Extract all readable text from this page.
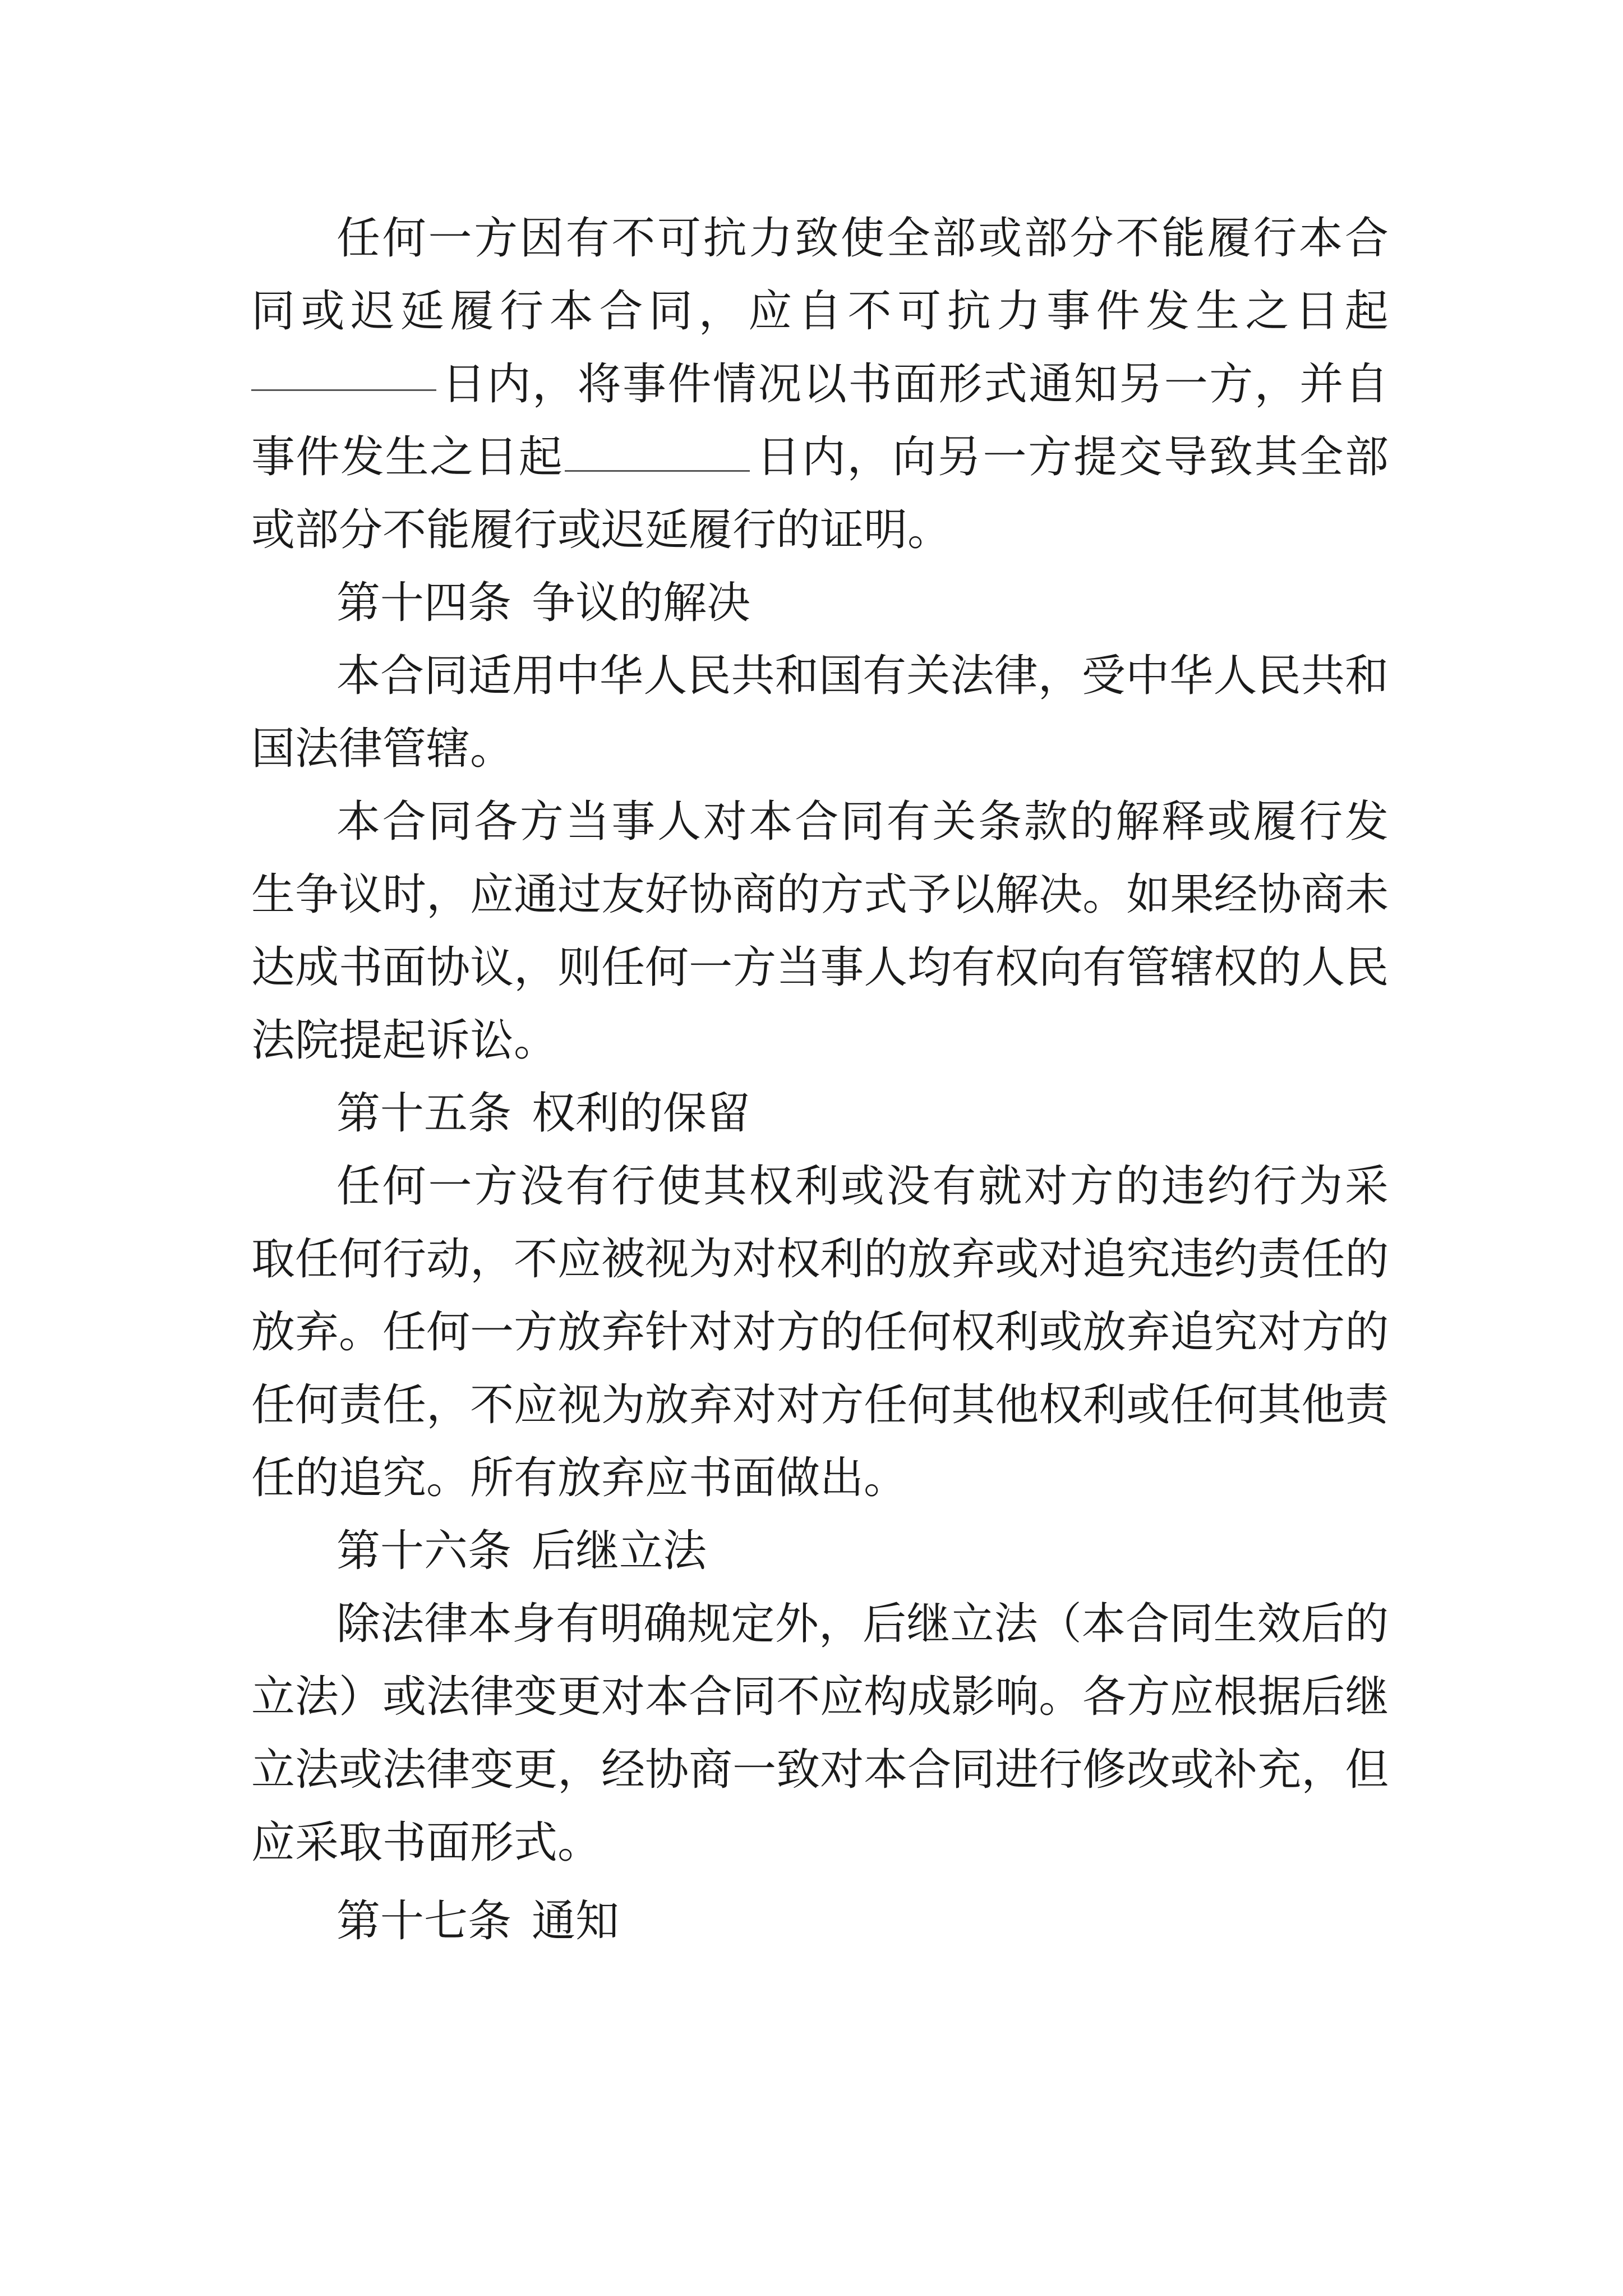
任 何 一 方 因 有 不 可 抗 力 致 使 全 部 或 部 分 不 能 履 行 本 合
同 或 迟 延 履 行 本 合 同 ， 应 自 不 可 抗 力 事 件 发 生 之 日 起
日 内 ， 将 事 件 情 况 以 书 面 形 式 通 知 另 一 方 ， 并 自
事 件 发 生 之 日 起	日 内 ， 向 另 一 方 提 交 导 致 其 全 部
或部分不能履行或迟延履行的证明。
第十四条 争议的解决
本 合 同 适 用 中 华 人 民 共 和 国 有 关 法 律 ， 受 中 华 人 民 共 和
国法律管辖。
本 合 同 各 方 当 事 人 对 本 合 同 有 关 条 款 的 解 释 或 履 行 发
生 争 议 时 ， 应 通 过 友 好 协 商 的 方 式 予 以 解 决 。 如 果 经 协 商 未
达 成 书 面 协 议 ， 则 任 何 一 方 当 事 人 均 有 权 向 有 管 辖 权 的 人 民
法院提起诉讼。
第十五条 权利的保留
任 何 一 方 没 有 行 使 其 权 利 或 没 有 就 对 方 的 违 约 行 为 采
取 任 何 行 动 ， 不 应 被 视 为 对 权 利 的 放 弃 或 对 追 究 违 约 责 任 的
放 弃 。 任 何 一 方 放 弃 针 对 对 方 的 任 何 权 利 或 放 弃 追 究 对 方 的
任 何 责 任 ， 不 应 视 为 放 弃 对 对 方 任 何 其 他 权 利 或 任 何 其 他 责
任的追究。所有放弃应书面做出。
第十六条 后继立法
除 法 律 本 身 有 明 确 规 定 外 ， 后 继 立 法 （ 本 合 同 生 效 后 的
立 法 ） 或 法 律 变 更 对 本 合 同 不 应 构 成 影 响 。 各 方 应 根 据 后 继
立 法 或 法 律 变 更 ， 经 协 商 一 致 对 本 合 同 进 行 修 改 或 补 充 ， 但
应采取书面形式。
第十七条 通知
